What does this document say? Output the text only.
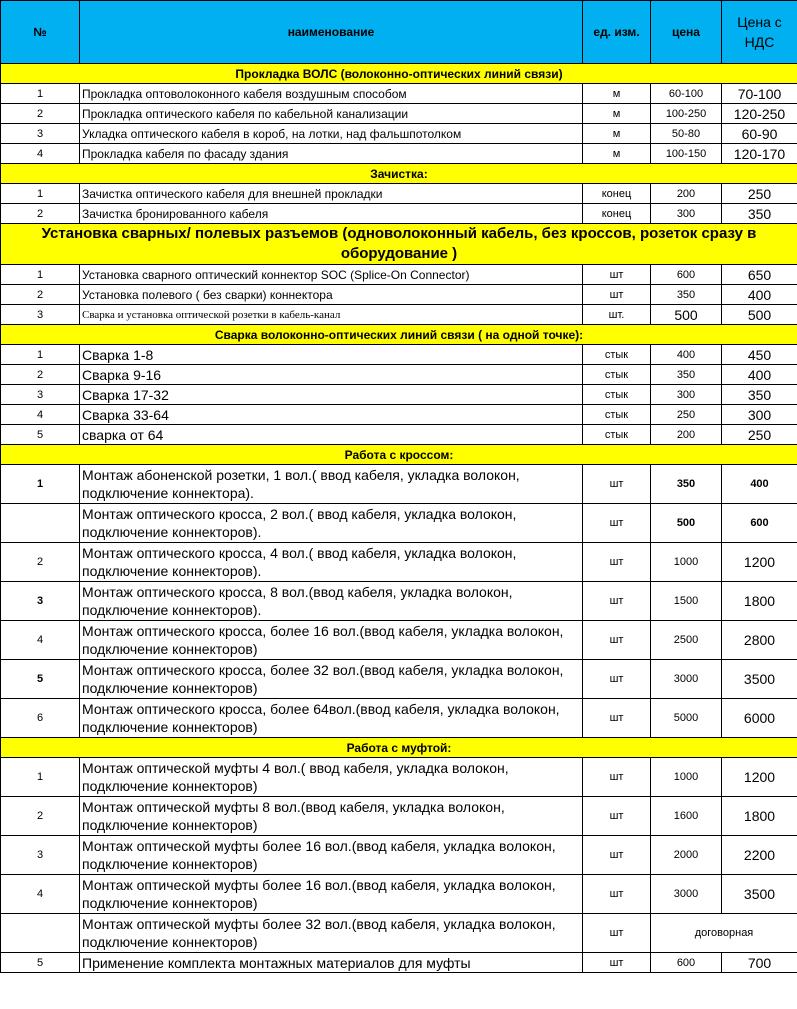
№	наименование	ед. изм.	цена	Цена с НДС
Прокладка ВОЛС (волоконно-оптических линий связи)				
1	Прокладка оптоволоконного кабеля воздушным способом	м	60-100	70-100
2	Прокладка оптического кабеля по кабельной канализации	м	100-250	120-250
3	Укладка оптического кабеля в короб, на лотки, над фальшпотолком	м	50-80	60-90
4	Прокладка кабеля по фасаду здания	м	100-150	120-170
Зачистка:				
1	Зачистка оптического кабеля для внешней прокладки	конец	200	250
2	Зачистка бронированного кабеля	конец	300	350
Установка сварных/ полевых разъемов (одноволоконный кабель, без кроссов, розеток сразу в оборудование )				
1	Установка сварного оптический коннектор SOC (Splice-On Connector)	шт	600	650
2	Установка полевого ( без сварки) коннектора	шт	350	400
3	Сварка и установка оптической розетки в кабель-канал	шт.	500	500
Сварка волоконно-оптических линий связи ( на одной точке):				
1	Сварка 1-8	стык	400	450
2	Сварка 9-16	стык	350	400
3	Сварка 17-32	стык	300	350
4	Сварка 33-64	стык	250	300
5	сварка от 64	стык	200	250
Работа с кроссом:				
1	Монтаж абоненской розетки, 1 вол.( ввод кабеля, укладка волокон, подключение коннектора).	шт	350	400
	Монтаж оптического кросса, 2 вол.( ввод кабеля, укладка волокон, подключение коннекторов).	шт	500	600
2	Монтаж оптического кросса, 4 вол.( ввод кабеля, укладка волокон, подключение коннекторов).	шт	1000	1200
3	Монтаж оптического кросса, 8 вол.(ввод кабеля, укладка волокон, подключение коннекторов).	шт	1500	1800
4	Монтаж оптического кросса, более 16 вол.(ввод кабеля, укладка волокон, подключение коннекторов)	шт	2500	2800
5	Монтаж оптического кросса, более 32 вол.(ввод кабеля, укладка волокон, подключение коннекторов)	шт	3000	3500
6	Монтаж оптического кросса, более 64вол.(ввод кабеля, укладка волокон, подключение коннекторов)	шт	5000	6000
Работа с муфтой:				
1	Монтаж оптической муфты 4 вол.( ввод кабеля, укладка волокон, подключение коннекторов)	шт	1000	1200
2	Монтаж оптической муфты 8 вол.(ввод кабеля, укладка волокон, подключение коннекторов)	шт	1600	1800
3	Монтаж оптической муфты более 16 вол.(ввод кабеля, укладка волокон, подключение коннекторов)	шт	2000	2200
4	Монтаж оптической муфты более 16 вол.(ввод кабеля, укладка волокон, подключение коннекторов)	шт	3000	3500
	Монтаж оптической муфты более 32 вол.(ввод кабеля, укладка волокон, подключение коннекторов)	шт	договорная	
5	Применение комплекта монтажных материалов для муфты	шт	600	700
